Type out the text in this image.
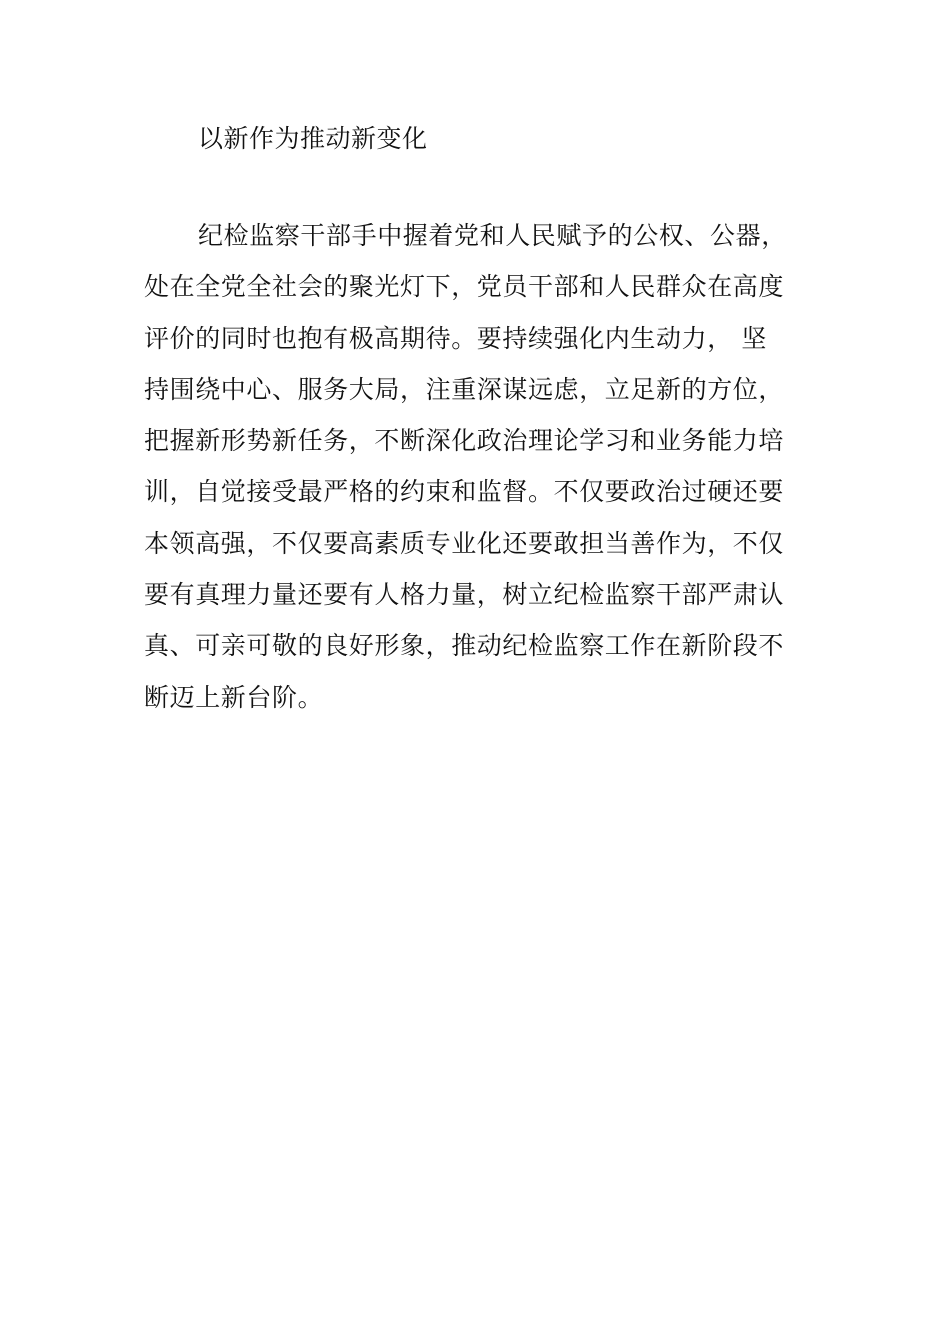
以新作为推动新变化
纪检监察干部手中握着党和人民赋予的公权、公器，
处在全党全社会的聚光灯下，党员干部和人民群众在高度
评价的同时也抱有极高期待。要持续强化内生动力， 坚
持围绕中心、服务大局，注重深谋远虑，立足新的方位，
把握新形势新任务，不断深化政治理论学习和业务能力培
训，自觉接受最严格的约束和监督。不仅要政治过硬还要
本领高强，不仅要高素质专业化还要敢担当善作为，不仅
要有真理力量还要有人格力量，树立纪检监察干部严肃认
真、可亲可敬的良好形象，推动纪检监察工作在新阶段不
断迈上新台阶。
